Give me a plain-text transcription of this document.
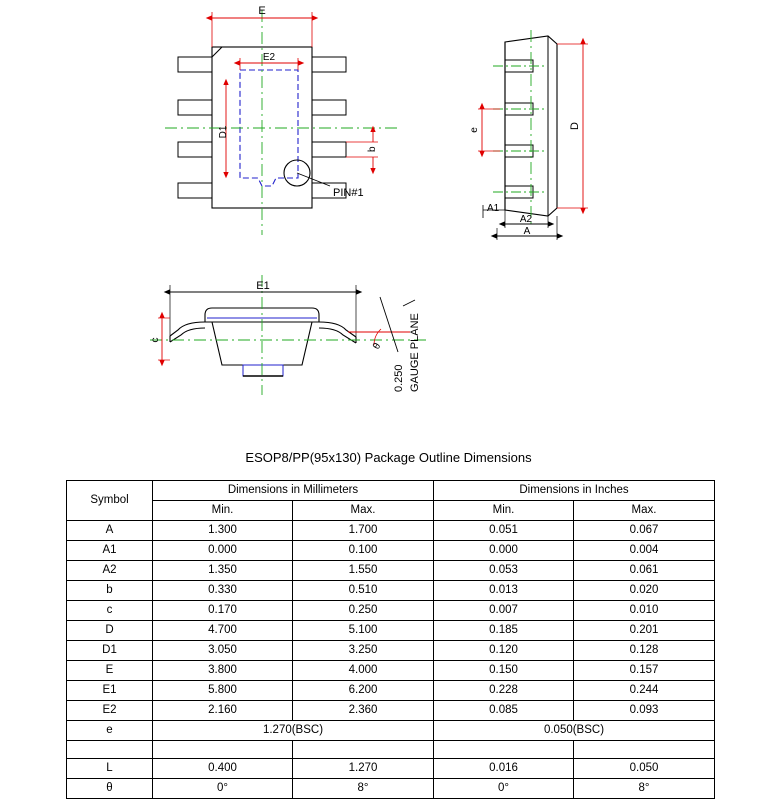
PIN#1
E
E2
D1
b
D
e
A1
A2
A
E1
c
θ
0.250 GAUGE PLANE
ESOP8/PP(95x130) Package Outline Dimensions
Symbol	Dimensions in Millimeters		Dimensions in Inches	
	Min.	Max.	Min.	Max.
A	1.300	1.700	0.051	0.067
A1	0.000	0.100	0.000	0.004
A2	1.350	1.550	0.053	0.061
b	0.330	0.510	0.013	0.020
c	0.170	0.250	0.007	0.010
D	4.700	5.100	0.185	0.201
D1	3.050	3.250	0.120	0.128
E	3.800	4.000	0.150	0.157
E1	5.800	6.200	0.228	0.244
E2	2.160	2.360	0.085	0.093
e	1.270(BSC)		0.050(BSC)	

L	0.400	1.270	0.016	0.050
θ	0°	8°	0°	8°
